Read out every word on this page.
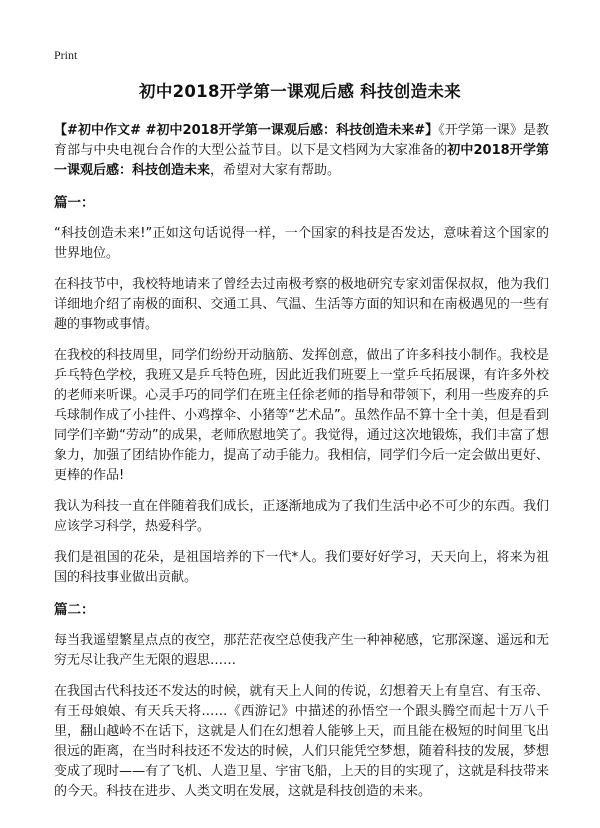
Print
初中2018开学第一课观后感 科技创造未来

【#初中作文# #初中2018开学第一课观后感：科技创造未来#】《开学第一课》是教育部与中央电视台合作的大型公益节目。以下是文档网为大家准备的初中2018开学第一课观后感：科技创造未来，希望对大家有帮助。

篇一：

“科技创造未来!”正如这句话说得一样，一个国家的科技是否发达，意味着这个国家的世界地位。

在科技节中，我校特地请来了曾经去过南极考察的极地研究专家刘雷保叔叔，他为我们详细地介绍了南极的面积、交通工具、气温、生活等方面的知识和在南极遇见的一些有趣的事物或事情。

在我校的科技周里，同学们纷纷开动脑筋、发挥创意，做出了许多科技小制作。我校是乒乓特色学校，我班又是乒乓特色班，因此近我们班要上一堂乒乓拓展课，有许多外校的老师来听课。心灵手巧的同学们在班主任徐老师的指导和带领下，利用一些废弃的乒乓球制作成了小挂件、小鸡撑伞、小猪等“艺术品”。虽然作品不算十全十美，但是看到同学们辛勤“劳动”的成果，老师欣慰地笑了。我觉得，通过这次地锻炼，我们丰富了想象力，加强了团结协作能力，提高了动手能力。我相信，同学们今后一定会做出更好、更棒的作品!

我认为科技一直在伴随着我们成长，正逐渐地成为了我们生活中必不可少的东西。我们应该学习科学，热爱科学。

我们是祖国的花朵，是祖国培养的下一代*人。我们要好好学习，天天向上，将来为祖国的科技事业做出贡献。

篇二：

每当我遥望繁星点点的夜空，那茫茫夜空总使我产生一种神秘感，它那深邃、遥远和无穷无尽让我产生无限的遐思……

在我国古代科技还不发达的时候，就有天上人间的传说，幻想着天上有皇宫、有玉帝、有王母娘娘、有天兵天将……《西游记》中描述的孙悟空一个跟头腾空而起十万八千里，翻山越岭不在话下，这就是人们在幻想着人能够上天，而且能在极短的时间里飞出很远的距离，在当时科技还不发达的时候，人们只能凭空梦想，随着科技的发展，梦想变成了现时——有了飞机、人造卫星、宇宙飞船，上天的目的实现了，这就是科技带来的今天。科技在进步、人类文明在发展，这就是科技创造的未来。
